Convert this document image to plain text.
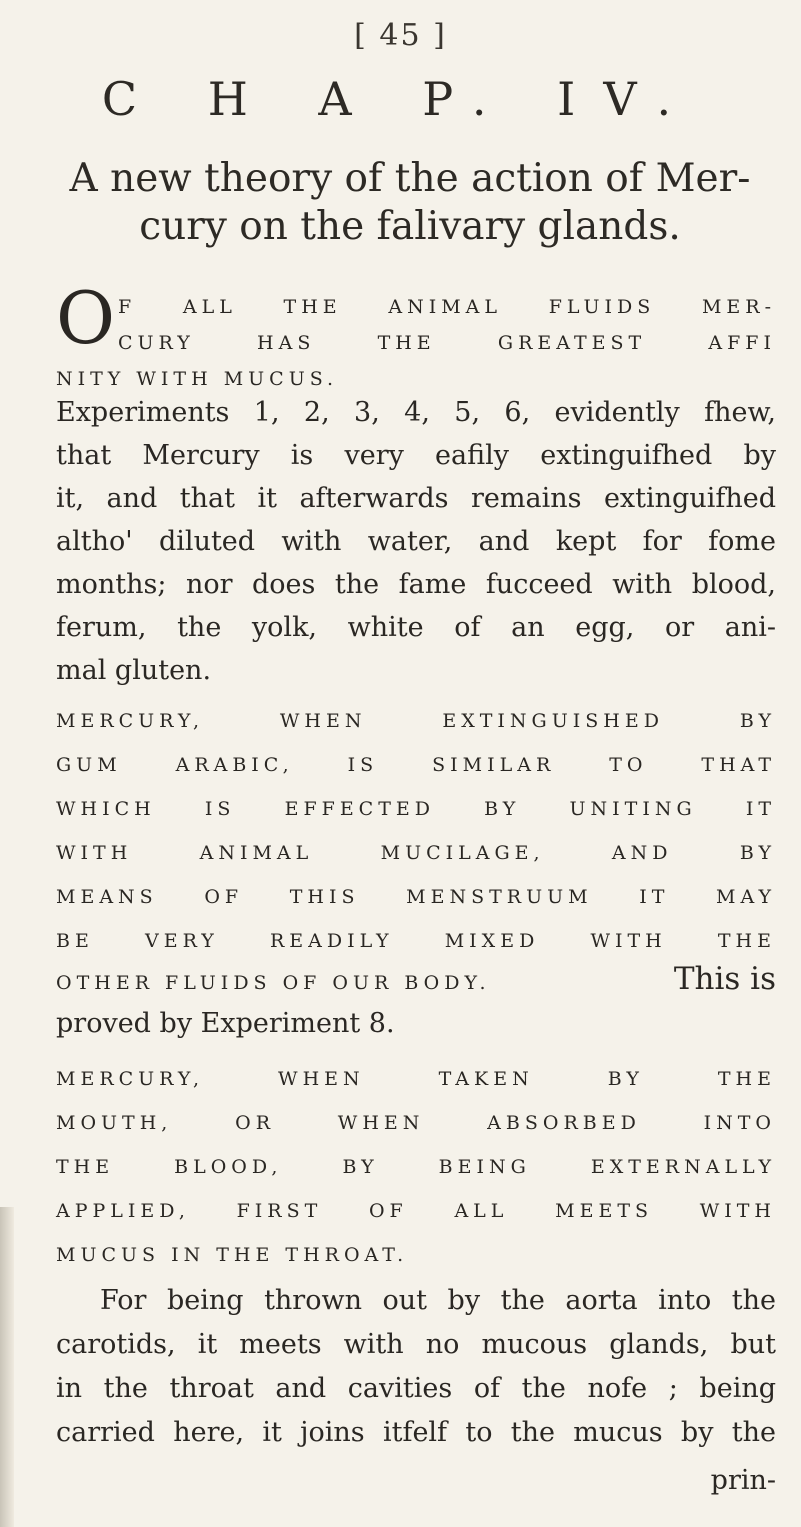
[ 45 ]
C H A P. IV.
A new theory of the action of Mer-
cury on the falivary glands.
O F ALL THE ANIMAL FLUIDS MER-
CURY HAS THE GREATEST AFFI
NITY WITH MUCUS.
Experiments 1, 2, 3, 4, 5, 6, evidently fhew,
that Mercury is very eafily extinguifhed by
it, and that it afterwards remains extinguifhed
altho' diluted with water, and kept for fome
months; nor does the fame fucceed with blood,
ferum, the yolk, white of an egg, or ani-
mal gluten.
MERCURY, WHEN EXTINGUISHED BY
GUM ARABIC, IS SIMILAR TO THAT
WHICH IS EFFECTED BY UNITING IT
WITH ANIMAL MUCILAGE, AND BY
MEANS OF THIS MENSTRUUM IT MAY
BE VERY READILY MIXED WITH THE
OTHER FLUIDS OF OUR BODY.	This is
proved by Experiment 8.
MERCURY, WHEN TAKEN BY THE
MOUTH, OR WHEN ABSORBED INTO
THE BLOOD, BY BEING EXTERNALLY
APPLIED, FIRST OF ALL MEETS WITH
MUCUS IN THE THROAT.
For being thrown out by the aorta into the
carotids, it meets with no mucous glands, but
in the throat and cavities of the nofe ; being
carried here, it joins itfelf to the mucus by the
prin-
